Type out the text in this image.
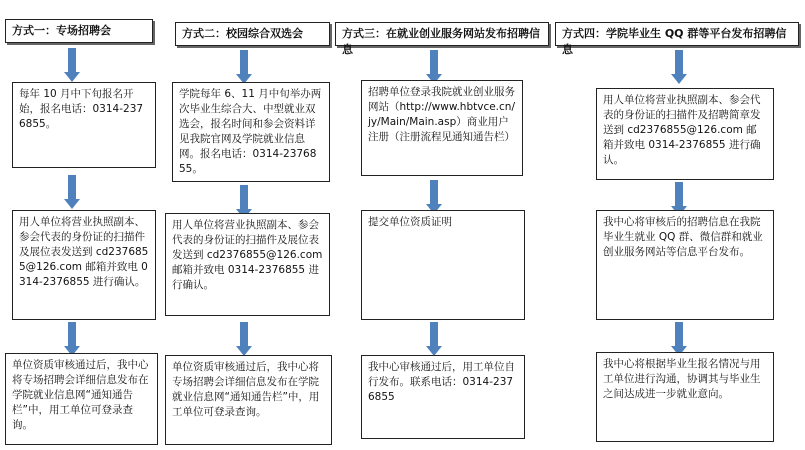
方式一：专场招聘会
每年 10 月中下旬报名开始，报名电话：0314-2376855。
用人单位将营业执照副本、参会代表的身份证的扫描件及展位表发送到 cd2376855@126.com 邮箱并致电 0314-2376855 进行确认。
单位资质审核通过后，我中心将专场招聘会详细信息发布在学院就业信息网“通知通告栏”中，用工单位可登录查询。
方式二：校园综合双选会
学院每年 6、11 月中旬举办两次毕业生综合大、中型就业双选会，报名时间和参会资料详见我院官网及学院就业信息网。报名电话：0314-2376855。
用人单位将营业执照副本、参会代表的身份证的扫描件及展位表发送到 cd2376855@126.com 邮箱并致电 0314-2376855 进行确认。
单位资质审核通过后，我中心将专场招聘会详细信息发布在学院就业信息网“通知通告栏”中，用工单位可登录查询。
方式三：在就业创业服务网站发布招聘信息
招聘单位登录我院就业创业服务网站（http://www.hbtvce.cn/jy/Main/Main.asp）商业用户注册（注册流程见通知通告栏）
提交单位资质证明
我中心审核通过后，用工单位自行发布。联系电话：0314-2376855
方式四：学院毕业生 QQ 群等平台发布招聘信息
用人单位将营业执照副本、参会代表的身份证的扫描件及招聘简章发送到 cd2376855@126.com 邮箱并致电 0314-2376855 进行确认。
我中心将审核后的招聘信息在我院毕业生就业 QQ 群、微信群和就业创业服务网站等信息平台发布。
我中心将根据毕业生报名情况与用工单位进行沟通，协调其与毕业生之间达成进一步就业意向。
